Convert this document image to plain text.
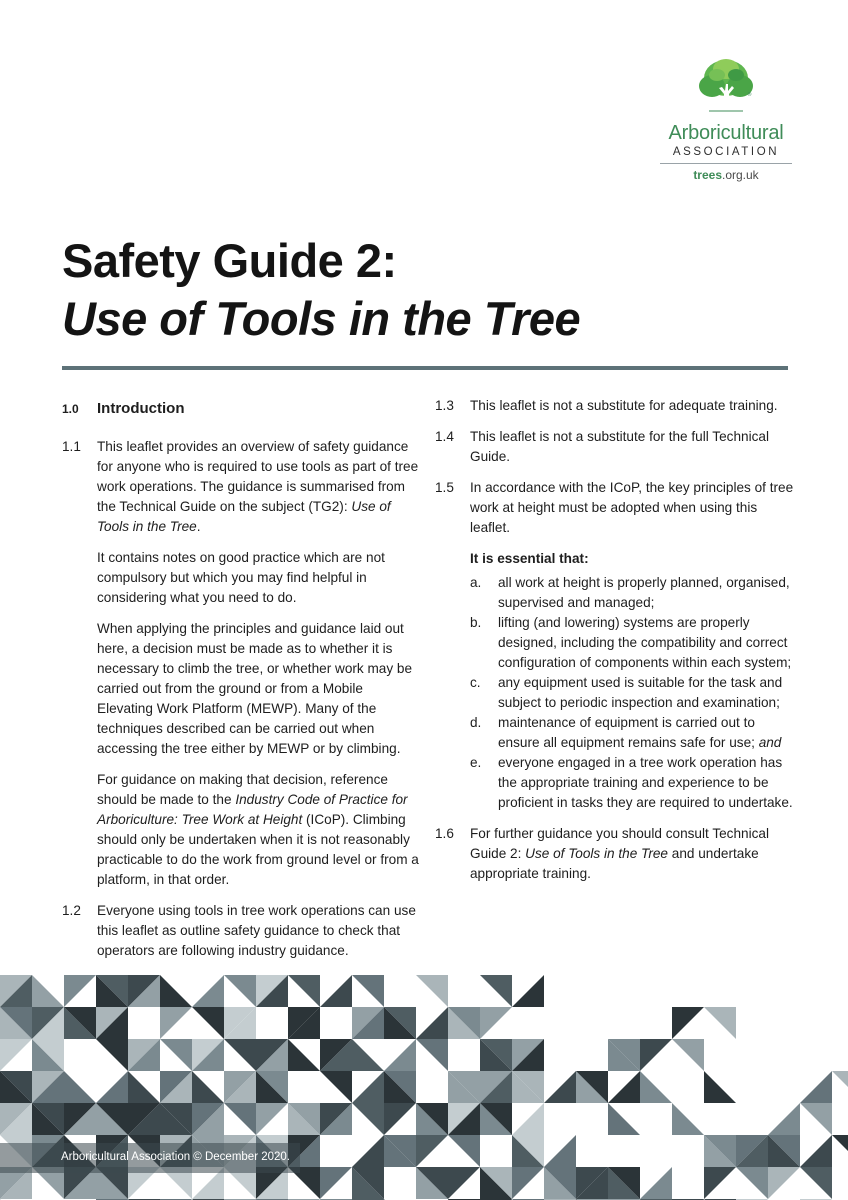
®
Arboricultural
ASSOCIATION
trees.org.uk
Safety Guide 2:
Use of Tools in the Tree
1.0	Introduction
1.1	This leaflet provides an overview of safety guidance for anyone who is required to use tools as part of tree work operations. The guidance is summarised from the Technical Guide on the subject (TG2): Use of Tools in the Tree.

It contains notes on good practice which are not compulsory but which you may find helpful in considering what you need to do.

When applying the principles and guidance laid out here, a decision must be made as to whether it is necessary to climb the tree, or whether work may be carried out from the ground or from a Mobile Elevating Work Platform (MEWP). Many of the techniques described can be carried out when accessing the tree either by MEWP or by climbing.

For guidance on making that decision, reference should be made to the Industry Code of Practice for Arboriculture: Tree Work at Height (ICoP). Climbing should only be undertaken when it is not reasonably practicable to do the work from ground level or from a platform, in that order.

1.2	Everyone using tools in tree work operations can use this leaflet as outline safety guidance to check that operators are following industry guidance.

1.3	This leaflet is not a substitute for adequate training.

1.4	This leaflet is not a substitute for the full Technical Guide.

1.5	In accordance with the ICoP, the key principles of tree work at height must be adopted when using this leaflet.

It is essential that:
a.	all work at height is properly planned, organised, supervised and managed;
b.	lifting (and lowering) systems are properly designed, including the compatibility and correct configuration of components within each system;
c.	any equipment used is suitable for the task and subject to periodic inspection and examination;
d.	maintenance of equipment is carried out to ensure all equipment remains safe for use; and
e.	everyone engaged in a tree work operation has the appropriate training and experience to be proficient in tasks they are required to undertake.
1.6	For further guidance you should consult Technical Guide 2: Use of Tools in the Tree and undertake appropriate training.

Arboricultural Association © December 2020.
